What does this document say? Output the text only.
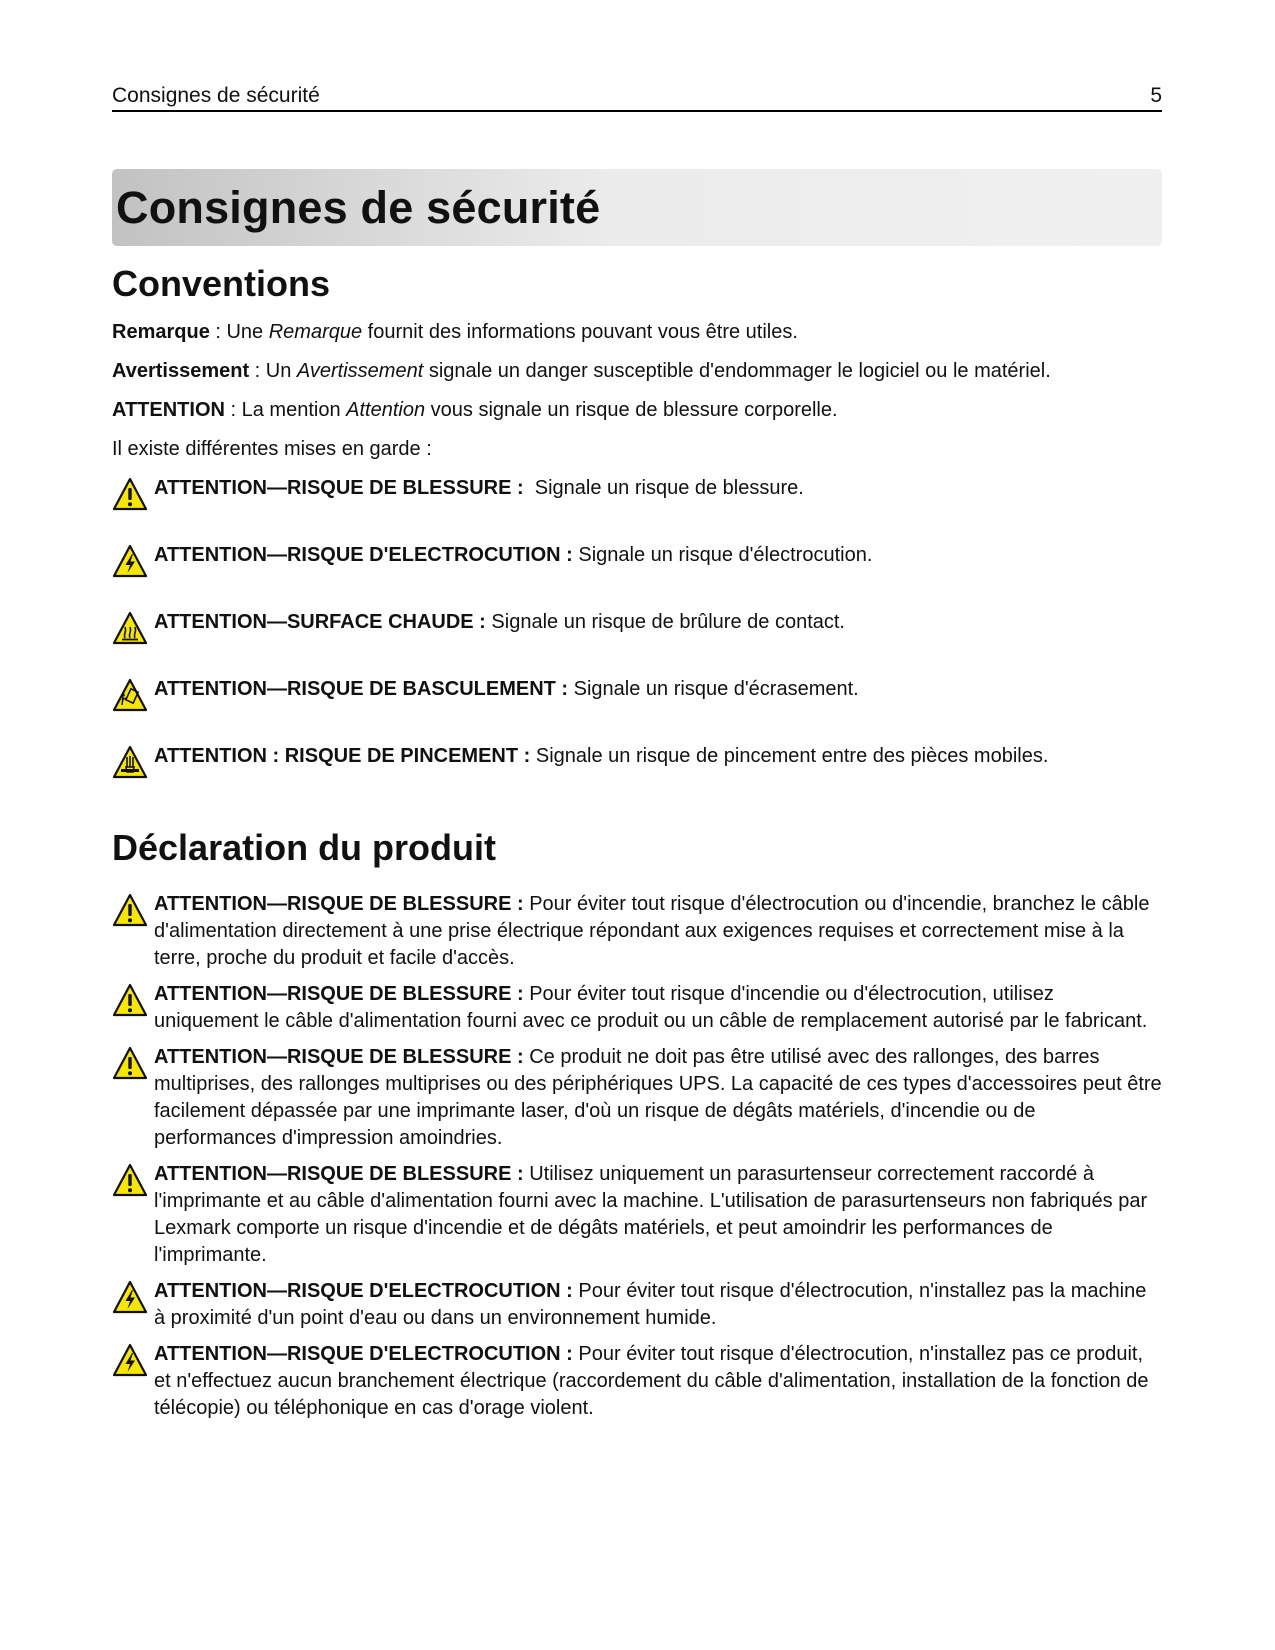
Consignes de sécurité	5
Consignes de sécurité
Conventions

Remarque : Une Remarque fournit des informations pouvant vous être utiles.

Avertissement : Un Avertissement signale un danger susceptible d'endommager le logiciel ou le matériel.

ATTENTION : La mention Attention vous signale un risque de blessure corporelle.

Il existe différentes mises en garde :

ATTENTION—RISQUE DE BLESSURE :  Signale un risque de blessure.
ATTENTION—RISQUE D'ELECTROCUTION : Signale un risque d'électrocution.
ATTENTION—SURFACE CHAUDE : Signale un risque de brûlure de contact.
ATTENTION—RISQUE DE BASCULEMENT : Signale un risque d'écrasement.
ATTENTION : RISQUE DE PINCEMENT : Signale un risque de pincement entre des pièces mobiles.
Déclaration du produit
ATTENTION—RISQUE DE BLESSURE : Pour éviter tout risque d'électrocution ou d'incendie, branchez le câble d'alimentation directement à une prise électrique répondant aux exigences requises et correctement mise à la terre, proche du produit et facile d'accès.
ATTENTION—RISQUE DE BLESSURE : Pour éviter tout risque d'incendie ou d'électrocution, utilisez uniquement le câble d'alimentation fourni avec ce produit ou un câble de remplacement autorisé par le fabricant.
ATTENTION—RISQUE DE BLESSURE : Ce produit ne doit pas être utilisé avec des rallonges, des barres multiprises, des rallonges multiprises ou des périphériques UPS. La capacité de ces types d'accessoires peut être facilement dépassée par une imprimante laser, d'où un risque de dégâts matériels, d'incendie ou de performances d'impression amoindries.
ATTENTION—RISQUE DE BLESSURE : Utilisez uniquement un parasurtenseur correctement raccordé à l'imprimante et au câble d'alimentation fourni avec la machine. L'utilisation de parasurtenseurs non fabriqués par Lexmark comporte un risque d'incendie et de dégâts matériels, et peut amoindrir les performances de l'imprimante.
ATTENTION—RISQUE D'ELECTROCUTION : Pour éviter tout risque d'électrocution, n'installez pas la machine à proximité d'un point d'eau ou dans un environnement humide.
ATTENTION—RISQUE D'ELECTROCUTION : Pour éviter tout risque d'électrocution, n'installez pas ce produit, et n'effectuez aucun branchement électrique (raccordement du câble d'alimentation, installation de la fonction de télécopie) ou téléphonique en cas d'orage violent.
